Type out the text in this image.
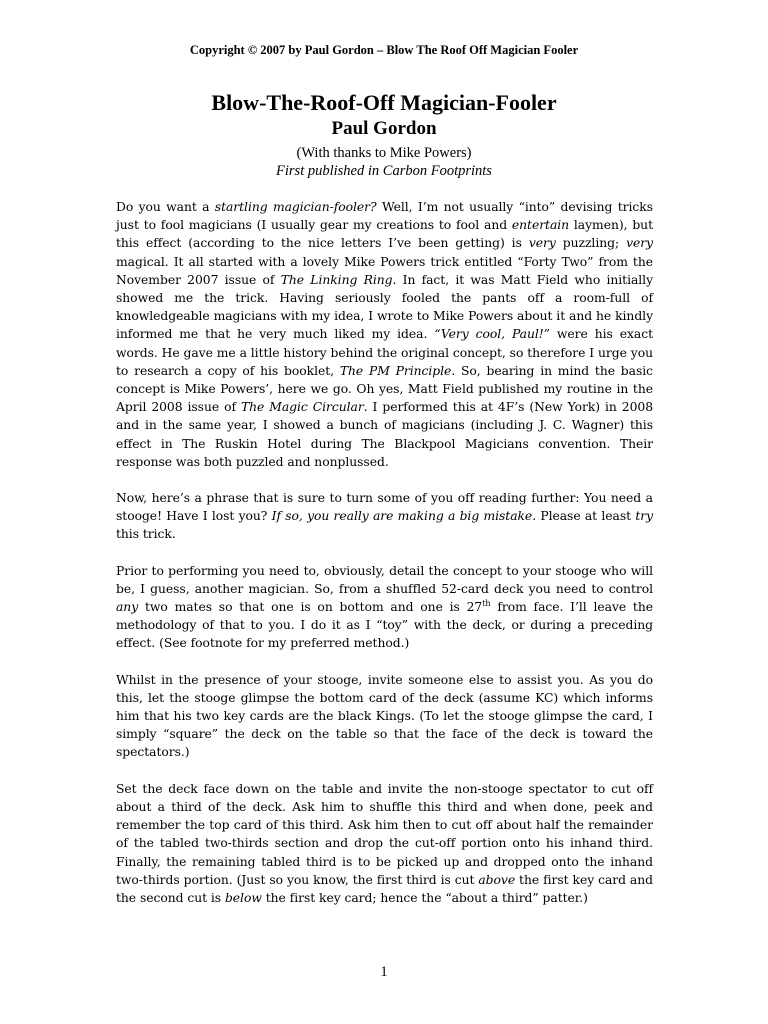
Copyright © 2007 by Paul Gordon – Blow The Roof Off Magician Fooler
Blow-The-Roof-Off Magician-Fooler
Paul Gordon
(With thanks to Mike Powers)
First published in Carbon Footprints

Do you want a startling magician-fooler? Well, I’m not usually “into” devising tricks just to fool magicians (I usually gear my creations to fool and entertain laymen), but this effect (according to the nice letters I’ve been getting) is very puzzling; very magical. It all started with a lovely Mike Powers trick entitled “Forty Two” from the November 2007 issue of The Linking Ring. In fact, it was Matt Field who initially showed me the trick. Having seriously fooled the pants off a room-full of knowledgeable magicians with my idea, I wrote to Mike Powers about it and he kindly informed me that he very much liked my idea. “Very cool, Paul!” were his exact words. He gave me a little history behind the original concept, so therefore I urge you to research a copy of his booklet, The PM Principle. So, bearing in mind the basic concept is Mike Powers’, here we go. Oh yes, Matt Field published my routine in the April 2008 issue of The Magic Circular. I performed this at 4F’s (New York) in 2008 and in the same year, I showed a bunch of magicians (including J. C. Wagner) this effect in The Ruskin Hotel during The Blackpool Magicians convention. Their response was both puzzled and nonplussed.

Now, here’s a phrase that is sure to turn some of you off reading further: You need a stooge! Have I lost you? If so, you really are making a big mistake. Please at least try this trick.

Prior to performing you need to, obviously, detail the concept to your stooge who will be, I guess, another magician. So, from a shuffled 52-card deck you need to control any two mates so that one is on bottom and one is 27th from face. I’ll leave the methodology of that to you. I do it as I “toy” with the deck, or during a preceding effect. (See footnote for my preferred method.)

Whilst in the presence of your stooge, invite someone else to assist you. As you do this, let the stooge glimpse the bottom card of the deck (assume KC) which informs him that his two key cards are the black Kings. (To let the stooge glimpse the card, I simply “square” the deck on the table so that the face of the deck is toward the spectators.)

Set the deck face down on the table and invite the non-stooge spectator to cut off about a third of the deck. Ask him to shuffle this third and when done, peek and remember the top card of this third. Ask him then to cut off about half the remainder of the tabled two-thirds section and drop the cut-off portion onto his inhand third. Finally, the remaining tabled third is to be picked up and dropped onto the inhand two-thirds portion. (Just so you know, the first third is cut above the first key card and the second cut is below the first key card; hence the “about a third” patter.)

1
